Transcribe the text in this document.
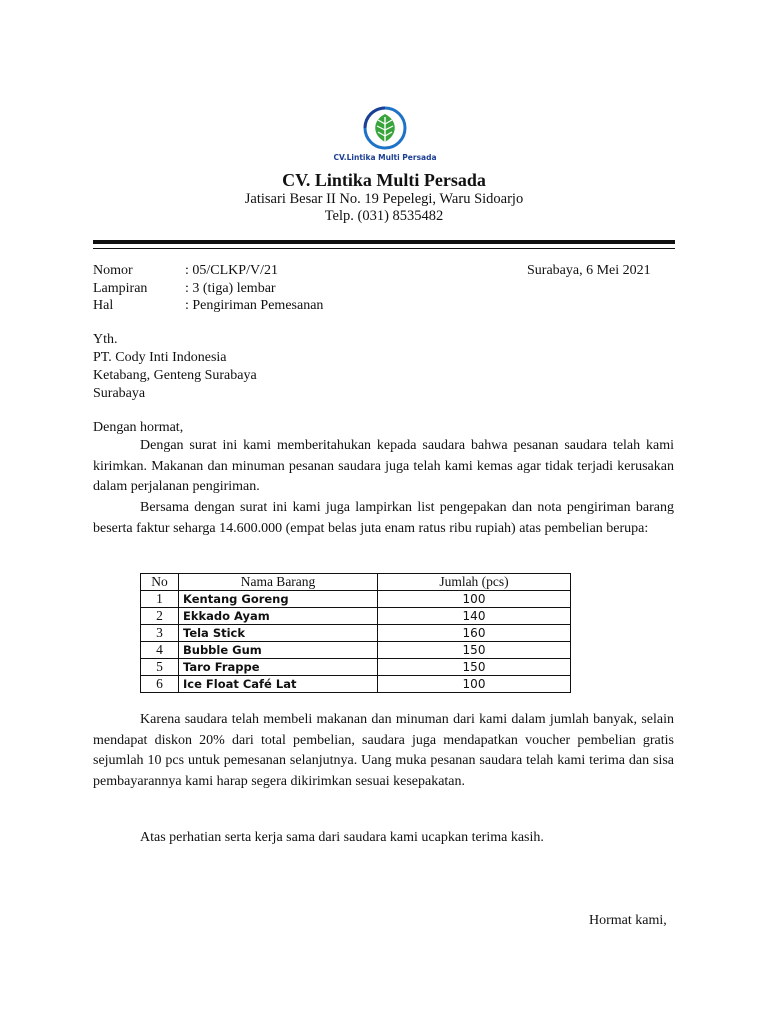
CV.Lintika Multi Persada
CV. Lintika Multi Persada
Jatisari Besar II No. 19 Pepelegi, Waru Sidoarjo
Telp. (031) 8535482
Nomor	: 05/CLKP/V/21	Surabaya, 6 Mei 2021
Lampiran	: 3 (tiga) lembar
Hal	: Pengiriman Pemesanan
Yth.
PT. Cody Inti Indonesia
Ketabang, Genteng Surabaya
Surabaya
Dengan hormat,

Dengan surat ini kami memberitahukan kepada saudara bahwa pesanan saudara telah kami kirimkan. Makanan dan minuman pesanan saudara juga telah kami kemas agar tidak terjadi kerusakan dalam perjalanan pengiriman.

Bersama dengan surat ini kami juga lampirkan list pengepakan dan nota pengiriman barang beserta faktur seharga 14.600.000 (empat belas juta enam ratus ribu rupiah) atas pembelian berupa:

No	Nama Barang	Jumlah (pcs)
1	Kentang Goreng	100
2	Ekkado Ayam	140
3	Tela Stick	160
4	Bubble Gum	150
5	Taro Frappe	150
6	Ice Float Café Lat	100

Karena saudara telah membeli makanan dan minuman dari kami dalam jumlah banyak, selain mendapat diskon 20% dari total pembelian, saudara juga mendapatkan voucher pembelian gratis sejumlah 10 pcs untuk pemesanan selanjutnya. Uang muka pesanan saudara telah kami terima dan sisa pembayarannya kami harap segera dikirimkan sesuai kesepakatan.

Atas perhatian serta kerja sama dari saudara kami ucapkan terima kasih.

Hormat kami,
